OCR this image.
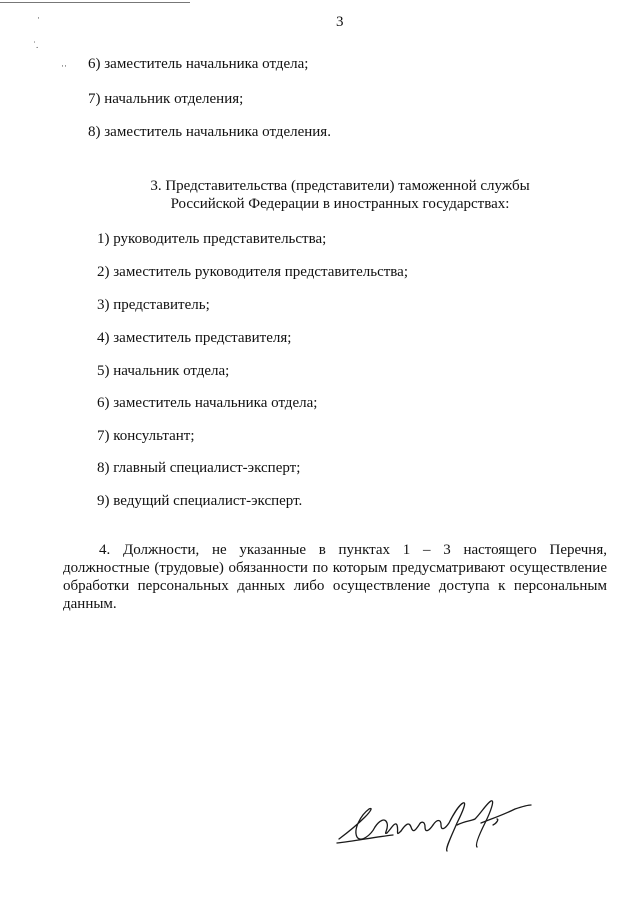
·
˙.
··
3
6) заместитель начальника отдела;
7) начальник отделения;
8) заместитель начальника отделения.
3. Представительства (представители) таможенной службы
Российской Федерации в иностранных государствах:
1) руководитель представительства;
2) заместитель руководителя представительства;
3) представитель;
4) заместитель представителя;
5) начальник отдела;
6) заместитель начальника отдела;
7) консультант;
8) главный специалист-эксперт;
9) ведущий специалист-эксперт.
4. Должности, не указанные в пунктах 1 – 3 настоящего Перечня, должностные (трудовые) обязанности по которым предусматривают осуществление обработки персональных данных либо осуществление доступа к персональным данным.
